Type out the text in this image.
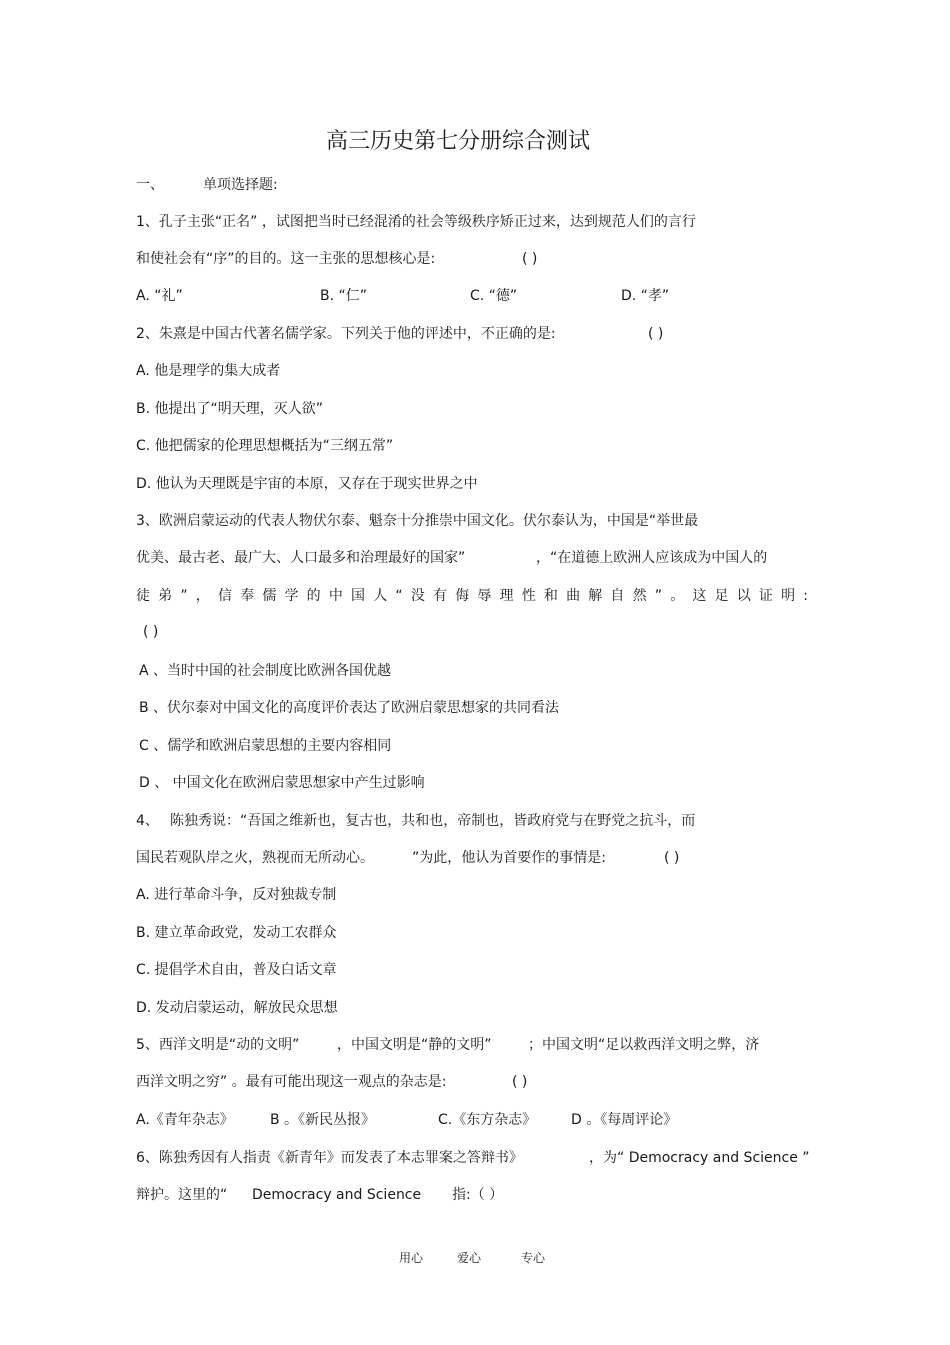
高三历史第七分册综合测试
一、	单项选择题:
1、孔子主张“正名” ，试图把当时已经混淆的社会等级秩序矫正过来，达到规范人们的言行
和使社会有“序”的目的。这一主张的思想核心是:	( )
A. “礼”	B. “仁”	C. “德”	D. “孝”
2、朱熹是中国古代著名儒学家。下列关于他的评述中，不正确的是:	( )
A. 他是理学的集大成者
B. 他提出了“明天理，灭人欲”
C. 他把儒家的伦理思想概括为“三纲五常”
D. 他认为天理既是宇宙的本原，又存在于现实世界之中
3、欧洲启蒙运动的代表人物伏尔泰、魁奈十分推崇中国文化。伏尔泰认为，中国是“举世最
优美、最古老、最广大、人口最多和治理最好的国家”	，“在道德上欧洲人应该成为中国人的
徒弟”，信奉儒学的中国人“没有侮辱理性和曲解自然”。这足以证明:
( )
A 、当时中国的社会制度比欧洲各国优越
B 、伏尔泰对中国文化的高度评价表达了欧洲启蒙思想家的共同看法
C 、儒学和欧洲启蒙思想的主要内容相同
D 、 中国文化在欧洲启蒙思想家中产生过影响
4、 陈独秀说：“吾国之维新也，复古也，共和也，帝制也，皆政府党与在野党之抗斗，而
国民若观队岸之火，熟视而无所动心。	”为此，他认为首要作的事情是:	( )
A. 进行革命斗争，反对独裁专制
B. 建立革命政党，发动工农群众
C. 提倡学术自由，普及白话文章
D. 发动启蒙运动，解放民众思想
5、西洋文明是“动的文明”	，中国文明是“静的文明”	；中国文明“足以救西洋文明之弊，济
西洋文明之穷” 。最有可能出现这一观点的杂志是:	( )
A.《青年杂志》	B 。《新民丛报》	C.《东方杂志》 D 。《每周评论》
6、陈独秀因有人指责《新青年》而发表了本志罪案之答辩书》	，为“ Democracy and Science ”
辩护。这里的“ Democracy and Science 指:（ ）
用心	爱心	专心
